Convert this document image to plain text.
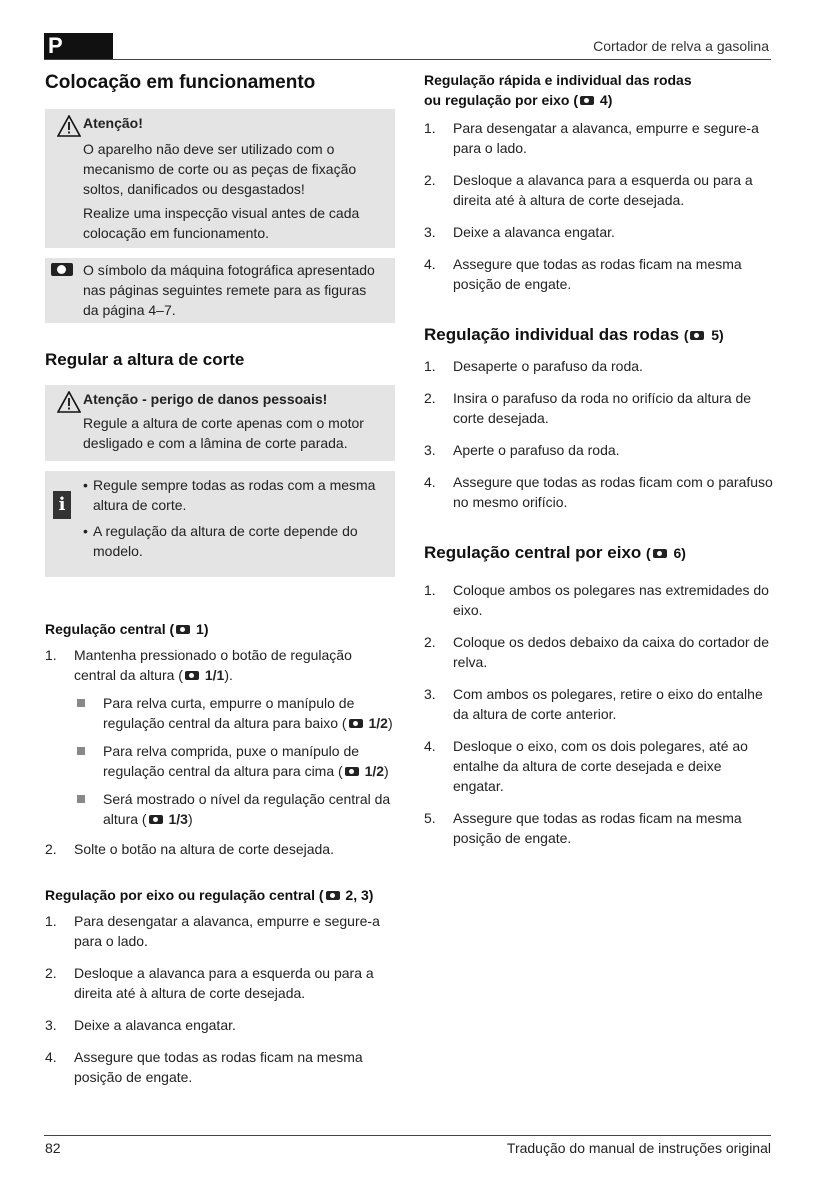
P	Cortador de relva a gasolina
Colocação em funcionamento
Atenção!
O aparelho não deve ser utilizado com o mecanismo de corte ou as peças de fixação soltos, danificados ou desgastados!
Realize uma inspecção visual antes de cada colocação em funcionamento.
O símbolo da máquina fotográfica apresentado nas páginas seguintes remete para as figuras da página 4–7.
Regular a altura de corte
Atenção - perigo de danos pessoais!
Regule a altura de corte apenas com o motor desligado e com a lâmina de corte parada.
i
• Regule sempre todas as rodas com a mesma altura de corte.
• A regulação da altura de corte depende do modelo.
Regulação central ( 1)
1. Mantenha pressionado o botão de regulação central da altura ( 1/1).
Para relva curta, empurre o manípulo de regulação central da altura para baixo ( 1/2)
Para relva comprida, puxe o manípulo de regulação central da altura para cima ( 1/2)
Será mostrado o nível da regulação central da altura ( 1/3)
2. Solte o botão na altura de corte desejada.
Regulação por eixo ou regulação central ( 2, 3)
1. Para desengatar a alavanca, empurre e segure-a para o lado.
2. Desloque a alavanca para a esquerda ou para a direita até à altura de corte desejada.
3. Deixe a alavanca engatar.
4. Assegure que todas as rodas ficam na mesma posição de engate.
Regulação rápida e individual das rodas
ou regulação por eixo ( 4)
1. Para desengatar a alavanca, empurre e segure-a para o lado.
2. Desloque a alavanca para a esquerda ou para a direita até à altura de corte desejada.
3. Deixe a alavanca engatar.
4. Assegure que todas as rodas ficam na mesma posição de engate.
Regulação individual das rodas ( 5)
1. Desaperte o parafuso da roda.
2. Insira o parafuso da roda no orifício da altura de corte desejada.
3. Aperte o parafuso da roda.
4. Assegure que todas as rodas ficam com o parafuso no mesmo orifício.
Regulação central por eixo ( 6)
1. Coloque ambos os polegares nas extremidades do eixo.
2. Coloque os dedos debaixo da caixa do cortador de relva.
3. Com ambos os polegares, retire o eixo do entalhe da altura de corte anterior.
4. Desloque o eixo, com os dois polegares, até ao entalhe da altura de corte desejada e deixe engatar.
5. Assegure que todas as rodas ficam na mesma posição de engate.
82	Tradução do manual de instruções original
